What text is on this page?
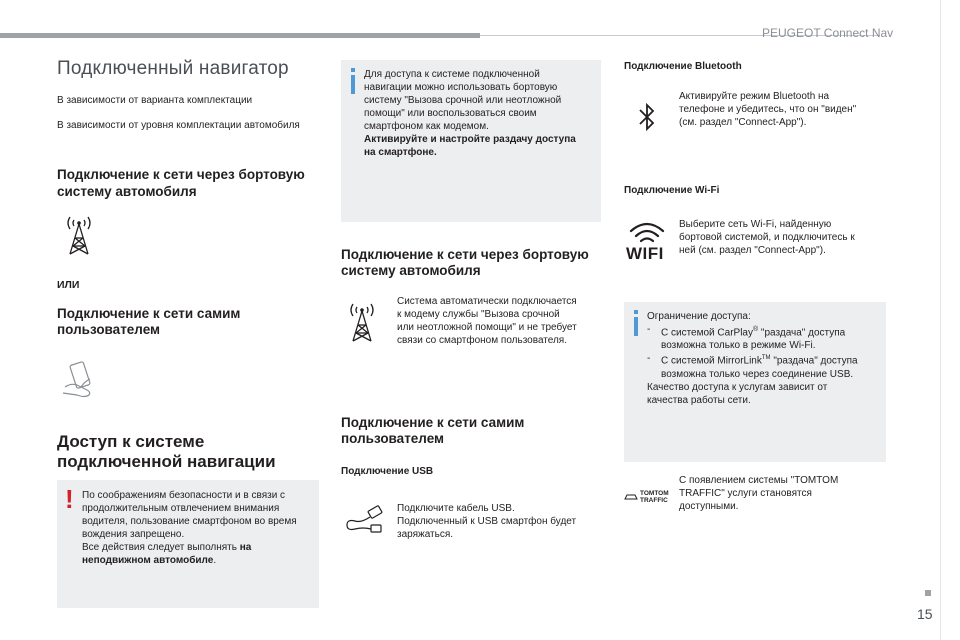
PEUGEOT Connect Nav
15
Подключенный навигатор
В зависимости от варианта комплектации
В зависимости от уровня комплектации автомобиля
Подключение к сети через бортовую
систему автомобиля
ИЛИ
Подключение к сети самим
пользователем
Доступ к системе
подключенной навигации
! По соображениям безопасности и в связи с
продолжительным отвлечением внимания
водителя, пользование смартфоном во время
вождения запрещено.
Все действия следует выполнять на
неподвижном автомобиле.
Для доступа к системе подключенной
навигации можно использовать бортовую
систему "Вызова срочной или неотложной
помощи" или воспользоваться своим
смартфоном как модемом.
Активируйте и настройте раздачу доступа
на смартфоне.
Подключение к сети через бортовую
систему автомобиля
Система автоматически подключается
к модему службы "Вызова срочной
или неотложной помощи" и не требует
связи со смартфоном пользователя.
Подключение к сети самим
пользователем
Подключение USB
Подключите кабель USB.
Подключенный к USB смартфон будет
заряжаться.
Подключение Bluetooth
Активируйте режим Bluetooth на
телефоне и убедитесь, что он "виден"
(см. раздел "Connect-App").
Подключение Wi-Fi
WIFI
Выберите сеть Wi-Fi, найденную
бортовой системой, и подключитесь к
ней (см. раздел "Connect-App").
Ограничение доступа:
-	С системой CarPlay® "раздача" доступа
возможна только в режиме Wi-Fi.
-	С системой MirrorLink™ "раздача" доступа
возможна только через соединение USB.
Качество доступа к услугам зависит от
качества работы сети.
TOMTOM
TRAFFIC
С появлением системы "TOMTOM
TRAFFIC" услуги становятся
доступными.
